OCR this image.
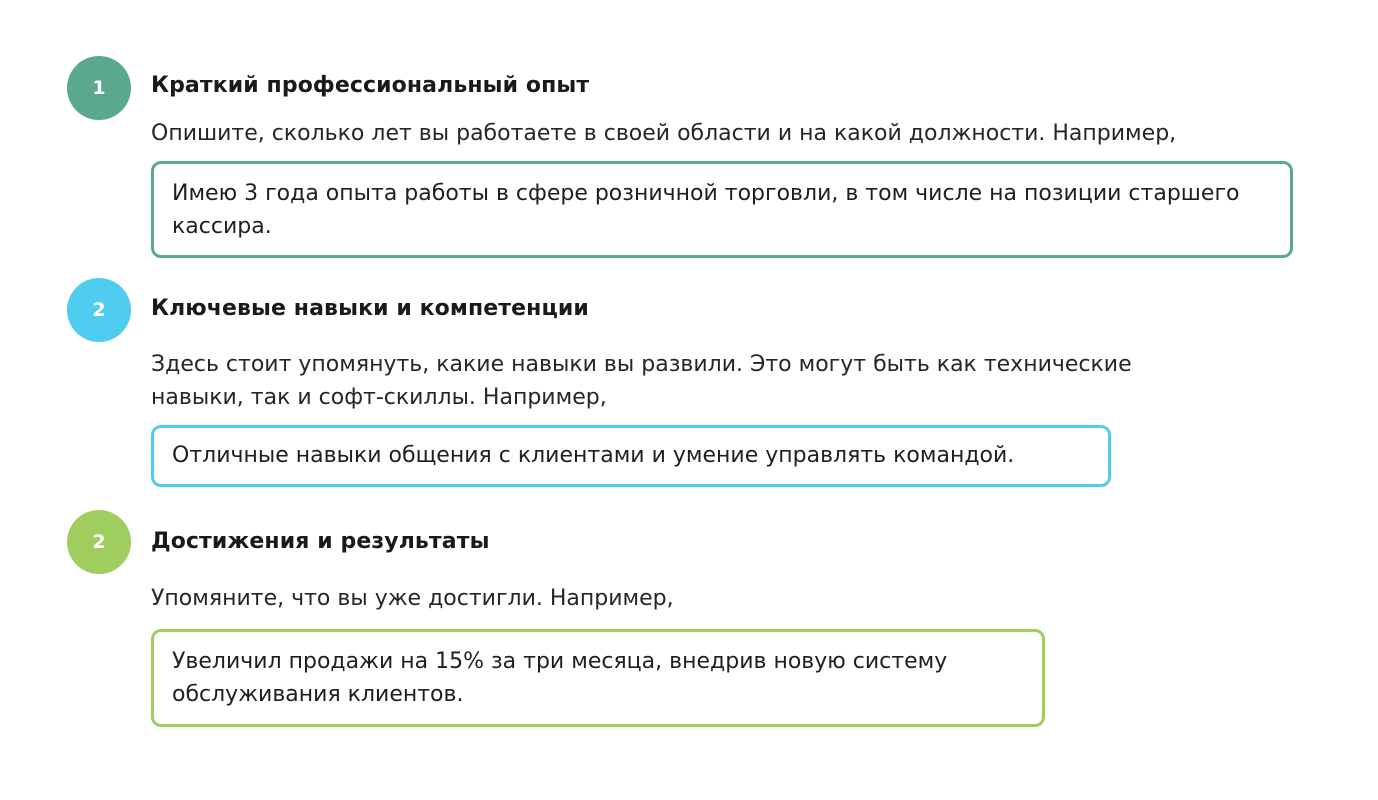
1	Краткий профессиональный опыт

Опишите, сколько лет вы работаете в своей области и на какой должности. Например,

Имею 3 года опыта работы в сфере розничной торговли, в том числе на позиции старшего кассира.
2	Ключевые навыки и компетенции

Здесь стоит упомянуть, какие навыки вы развили. Это могут быть как технические навыки, так и софт-скиллы. Например,

Отличные навыки общения с клиентами и умение управлять командой.
2	Достижения и результаты

Упомяните, что вы уже достигли. Например,

Увеличил продажи на 15% за три месяца, внедрив новую систему обслуживания клиентов.
